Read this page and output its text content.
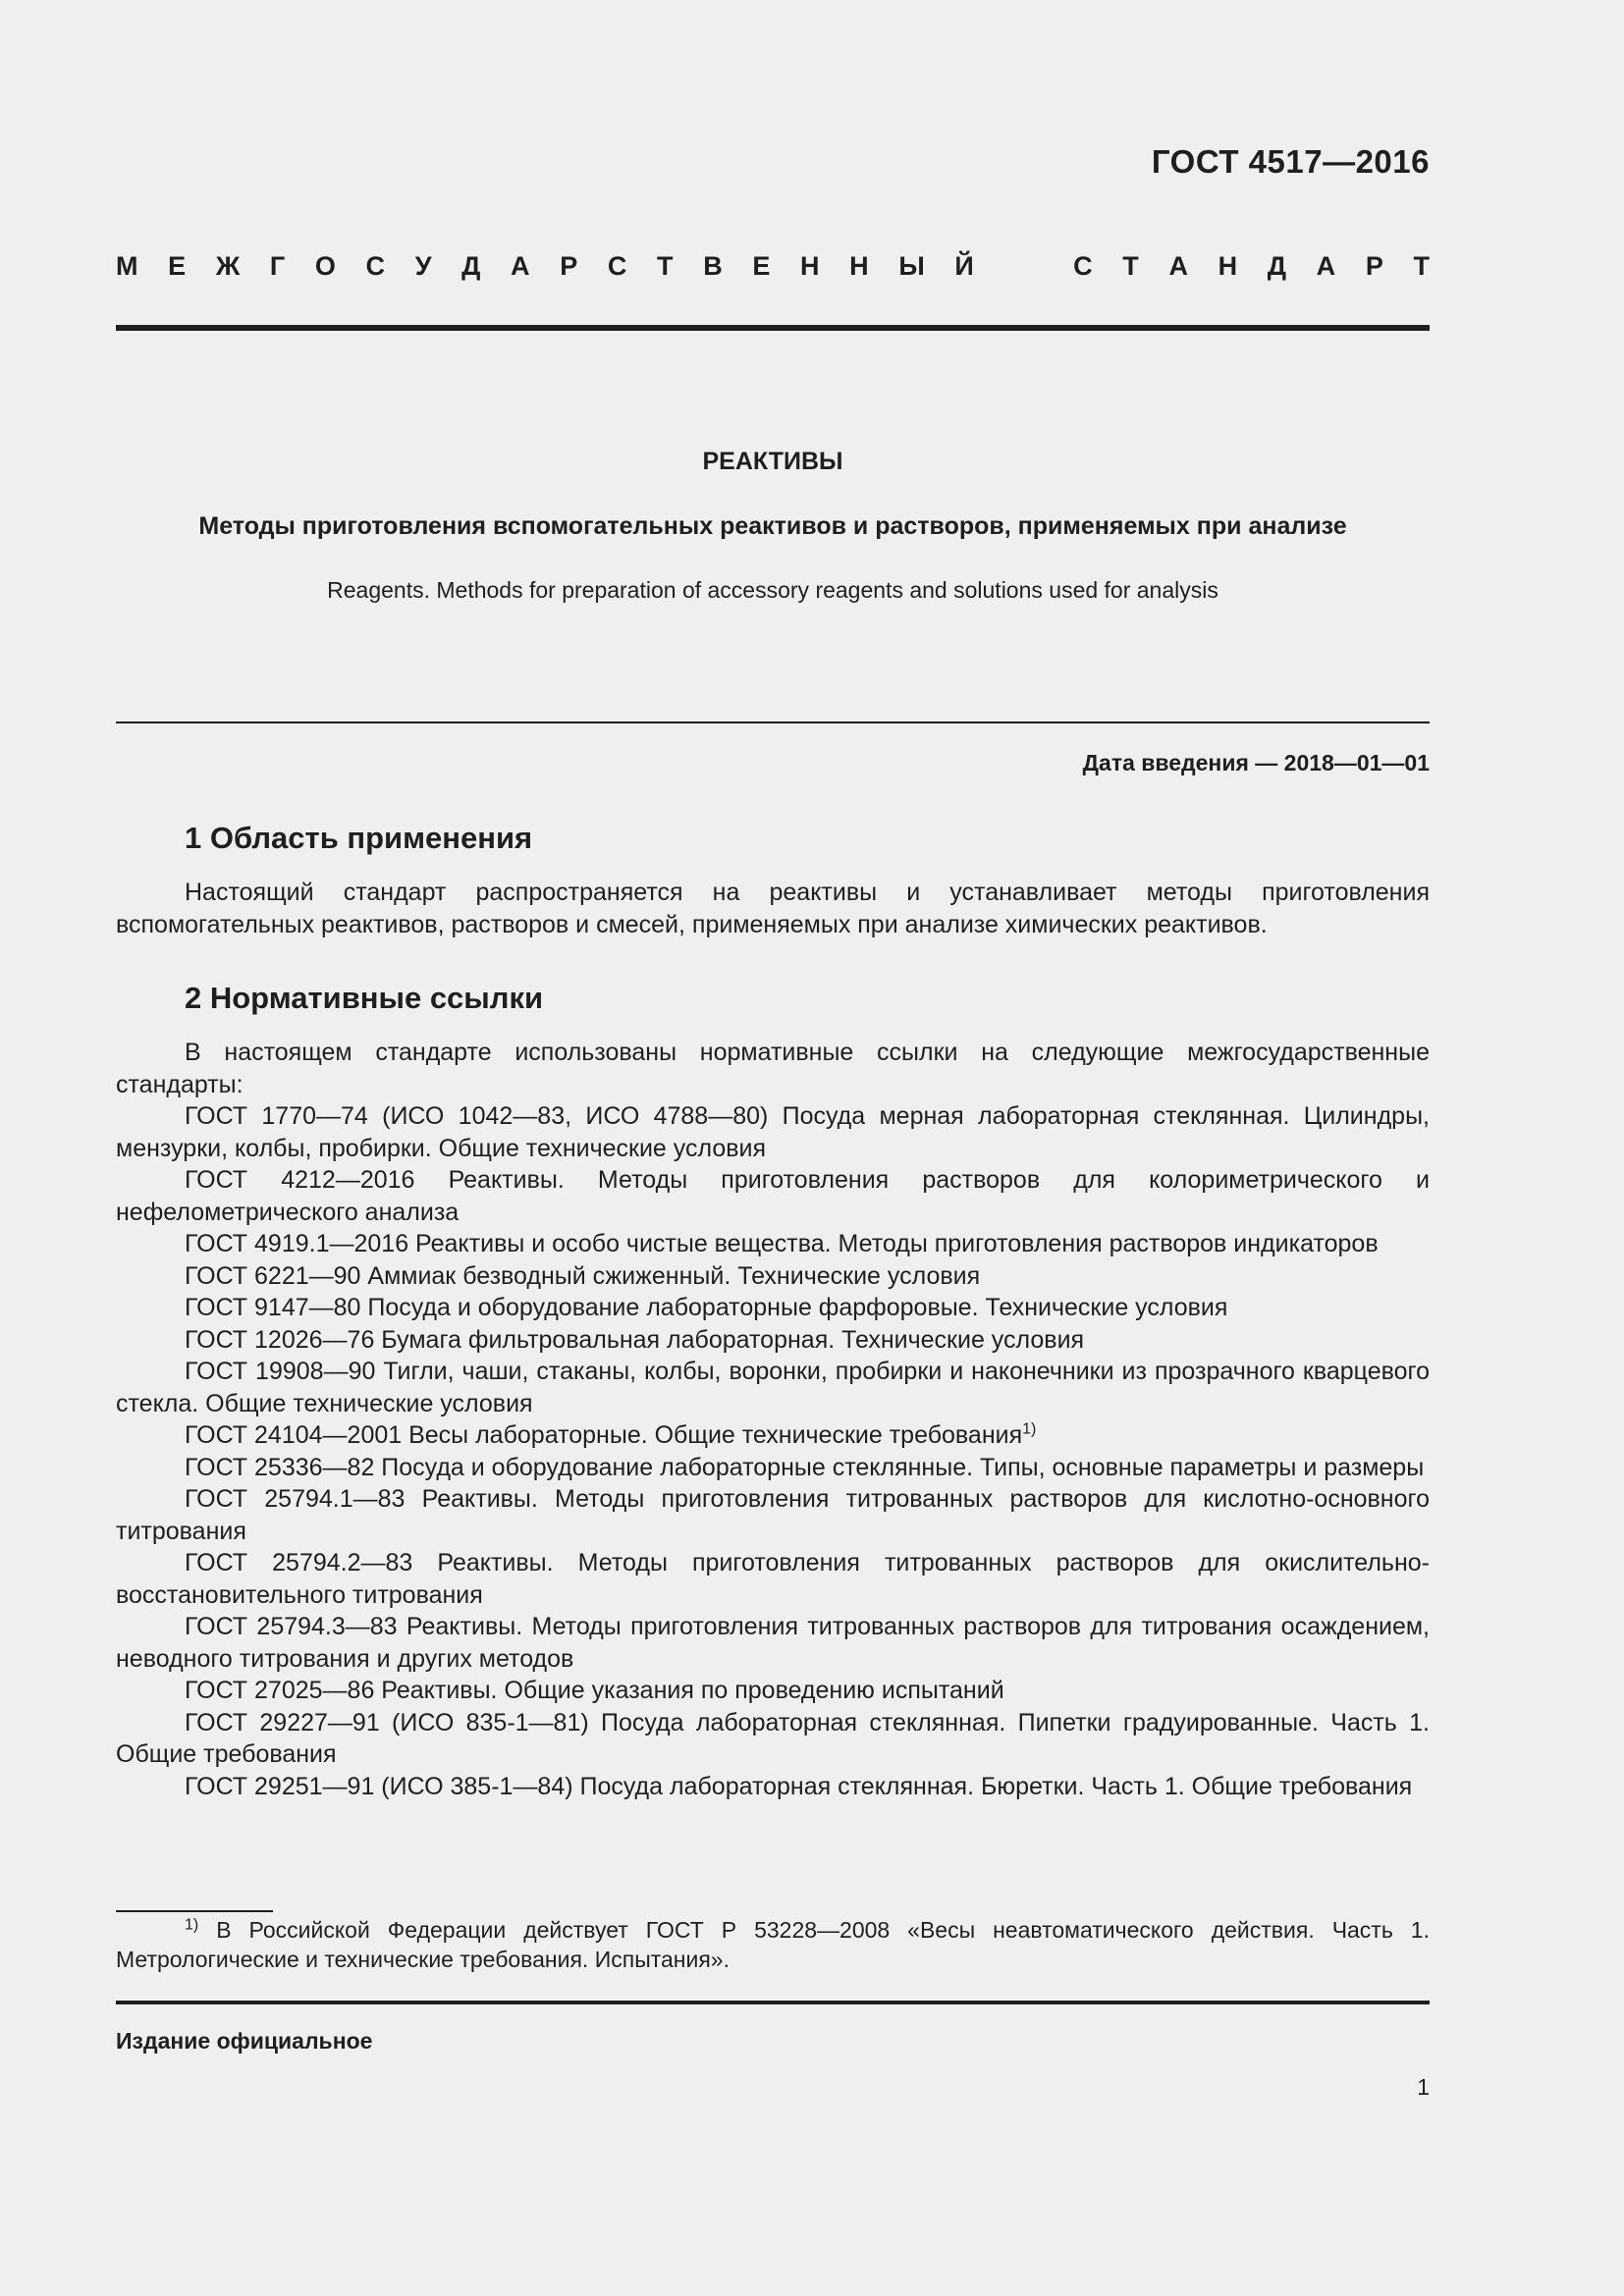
ГОСТ 4517—2016
М Е Ж Г О С У Д А Р С Т В Е Н Н Ы Й	С Т А Н Д А Р Т
РЕАКТИВЫ
Методы приготовления вспомогательных реактивов и растворов, применяемых при анализе
Reagents. Methods for preparation of accessory reagents and solutions used for analysis
Дата введения — 2018—01—01
1 Область применения

Настоящий стандарт распространяется на реактивы и устанавливает методы приготовления вспомогательных реактивов, растворов и смесей, применяемых при анализе химических реактивов.

2 Нормативные ссылки

В настоящем стандарте использованы нормативные ссылки на следующие межгосударственные стандарты:

ГОСТ 1770—74 (ИСО 1042—83, ИСО 4788—80) Посуда мерная лабораторная стеклянная. Цилиндры, мензурки, колбы, пробирки. Общие технические условия

ГОСТ 4212—2016 Реактивы. Методы приготовления растворов для колориметрического и нефелометрического анализа

ГОСТ 4919.1—2016 Реактивы и особо чистые вещества. Методы приготовления растворов индикаторов

ГОСТ 6221—90 Аммиак безводный сжиженный. Технические условия

ГОСТ 9147—80 Посуда и оборудование лабораторные фарфоровые. Технические условия

ГОСТ 12026—76 Бумага фильтровальная лабораторная. Технические условия

ГОСТ 19908—90 Тигли, чаши, стаканы, колбы, воронки, пробирки и наконечники из прозрачного кварцевого стекла. Общие технические условия

ГОСТ 24104—2001 Весы лабораторные. Общие технические требования$^{1)}$

ГОСТ 25336—82 Посуда и оборудование лабораторные стеклянные. Типы, основные параметры и размеры

ГОСТ 25794.1—83 Реактивы. Методы приготовления титрованных растворов для кислотно-основного титрования

ГОСТ 25794.2—83 Реактивы. Методы приготовления титрованных растворов для окислительно-восстановительного титрования

ГОСТ 25794.3—83 Реактивы. Методы приготовления титрованных растворов для титрования осаждением, неводного титрования и других методов

ГОСТ 27025—86 Реактивы. Общие указания по проведению испытаний

ГОСТ 29227—91 (ИСО 835-1—81) Посуда лабораторная стеклянная. Пипетки градуированные. Часть 1. Общие требования

ГОСТ 29251—91 (ИСО 385-1—84) Посуда лабораторная стеклянная. Бюретки. Часть 1. Общие требования

$^{1)}$ В Российской Федерации действует ГОСТ Р 53228—2008 «Весы неавтоматического действия. Часть 1. Метрологические и технические требования. Испытания».
Издание официальное
1
